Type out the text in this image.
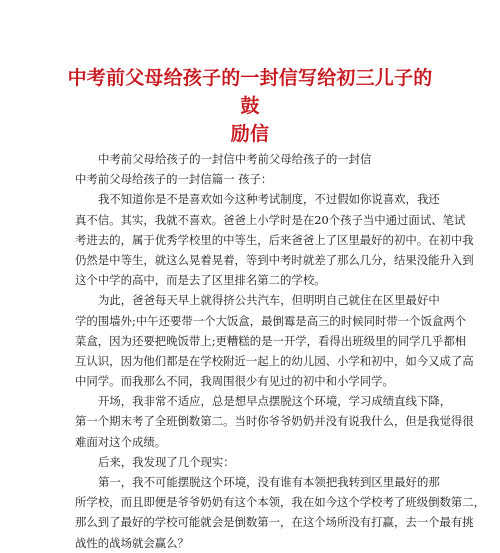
中考前父母给孩子的一封信写给初三儿子的鼓
励信
中考前父母给孩子的一封信中考前父母给孩子的一封信
中考前父母给孩子的一封信篇一 孩子：
我不知道你是不是喜欢如今这种考试制度，不过假如你说喜欢，我还
真不信。其实，我就不喜欢。爸爸上小学时是在20个孩子当中通过面试、笔试
考进去的，属于优秀学校里的中等生，后来爸爸上了区里最好的初中。在初中我
仍然是中等生，就这么晃着晃着，等到中考时就差了那么几分，结果没能升入到
这个中学的高中，而是去了区里排名第二的学校。
为此，爸爸每天早上就得挤公共汽车，但明明自己就住在区里最好中
学的围墙外;中午还要带一个大饭盒，最倒霉是高三的时候同时带一个饭盒两个
菜盒，因为还要把晚饭带上;更糟糕的是一开学，看得出班级里的同学几乎都相
互认识，因为他们都是在学校附近一起上的幼儿园、小学和初中，如今又成了高
中同学。而我那么不同，我周围很少有见过的初中和小学同学。
开场，我非常不适应，总是想早点摆脱这个环境，学习成绩直线下降，
第一个期末考了全班倒数第二。当时你爷爷奶奶并没有说我什么，但是我觉得很
难面对这个成绩。
后来，我发现了几个现实：
第一，我不可能摆脱这个环境，没有谁有本领把我转到区里最好的那
所学校，而且即便是爷爷奶奶有这个本领，我在如今这个学校考了班级倒数第二，
那么到了最好的学校可能就会是倒数第一，在这个场所没有打赢，去一个最有挑
战性的战场就会赢么？
